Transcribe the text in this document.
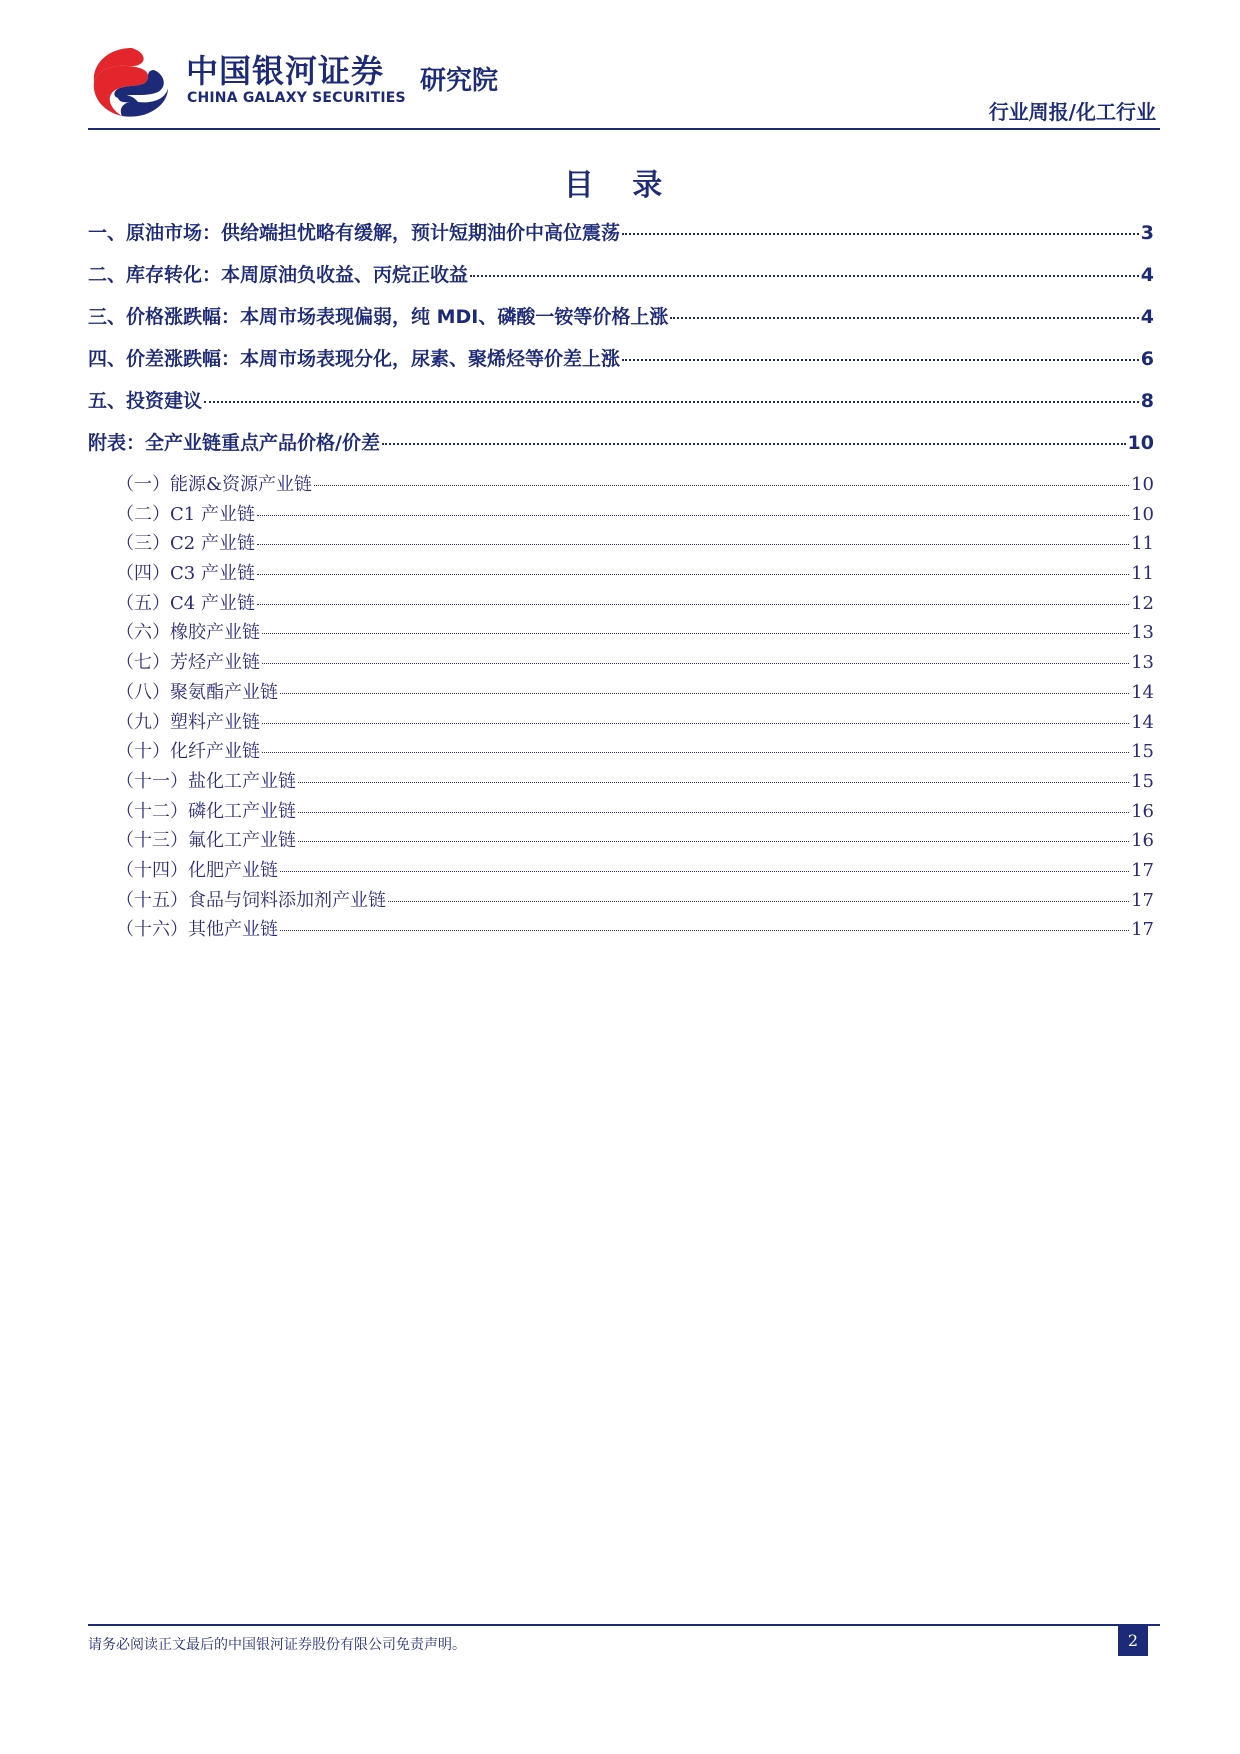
中国银河证券
CHINA GALAXY SECURITIES
研究院
行业周报/化工行业
目 录
一、原油市场：供给端担忧略有缓解，预计短期油价中高位震荡	3
二、库存转化：本周原油负收益、丙烷正收益	4
三、价格涨跌幅：本周市场表现偏弱，纯 MDI、磷酸一铵等价格上涨	4
四、价差涨跌幅：本周市场表现分化，尿素、聚烯烃等价差上涨	6
五、投资建议	8
附表：全产业链重点产品价格/价差	10
（一）能源&资源产业链	10
（二）C1 产业链	10
（三）C2 产业链	11
（四）C3 产业链	11
（五）C4 产业链	12
（六）橡胶产业链	13
（七）芳烃产业链	13
（八）聚氨酯产业链	14
（九）塑料产业链	14
（十）化纤产业链	15
（十一）盐化工产业链	15
（十二）磷化工产业链	16
（十三）氟化工产业链	16
（十四）化肥产业链	17
（十五）食品与饲料添加剂产业链	17
（十六）其他产业链	17
请务必阅读正文最后的中国银河证券股份有限公司免责声明。	2
